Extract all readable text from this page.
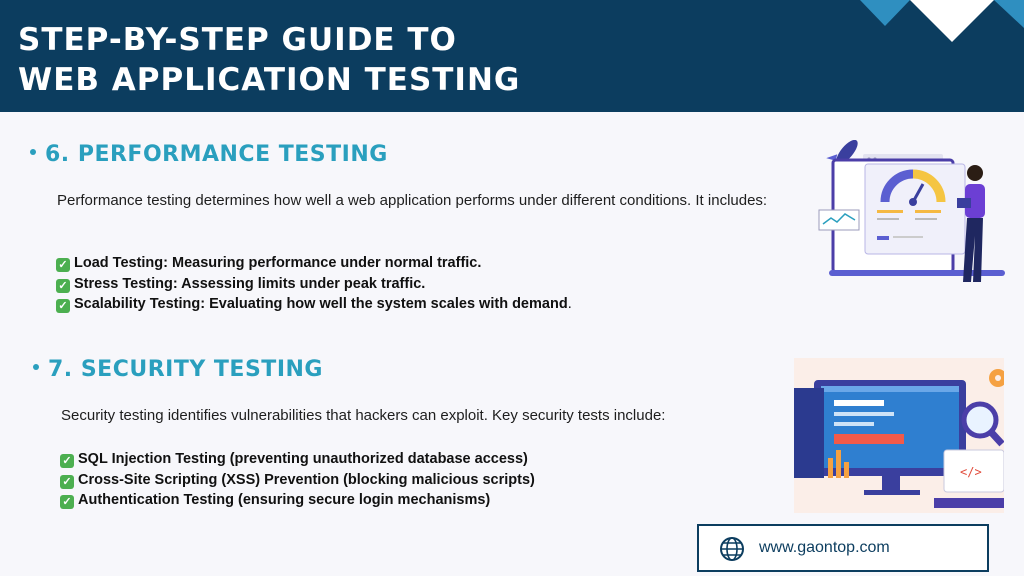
STEP-BY-STEP GUIDE TO
WEB APPLICATION TESTING
6. PERFORMANCE TESTING

Performance testing determines how well a web application performs under different conditions. It includes:

✓ Load Testing: Measuring performance under normal traffic.
✓ Stress Testing: Assessing limits under peak traffic.
✓ Scalability Testing: Evaluating how well the system scales with demand.
7. SECURITY TESTING

Security testing identifies vulnerabilities that hackers can exploit. Key security tests include:

✓ SQL Injection Testing (preventing unauthorized database access)
✓ Cross-Site Scripting (XSS) Prevention (blocking malicious scripts)
✓ Authentication Testing (ensuring secure login mechanisms)
</>
www.gaontop.com
